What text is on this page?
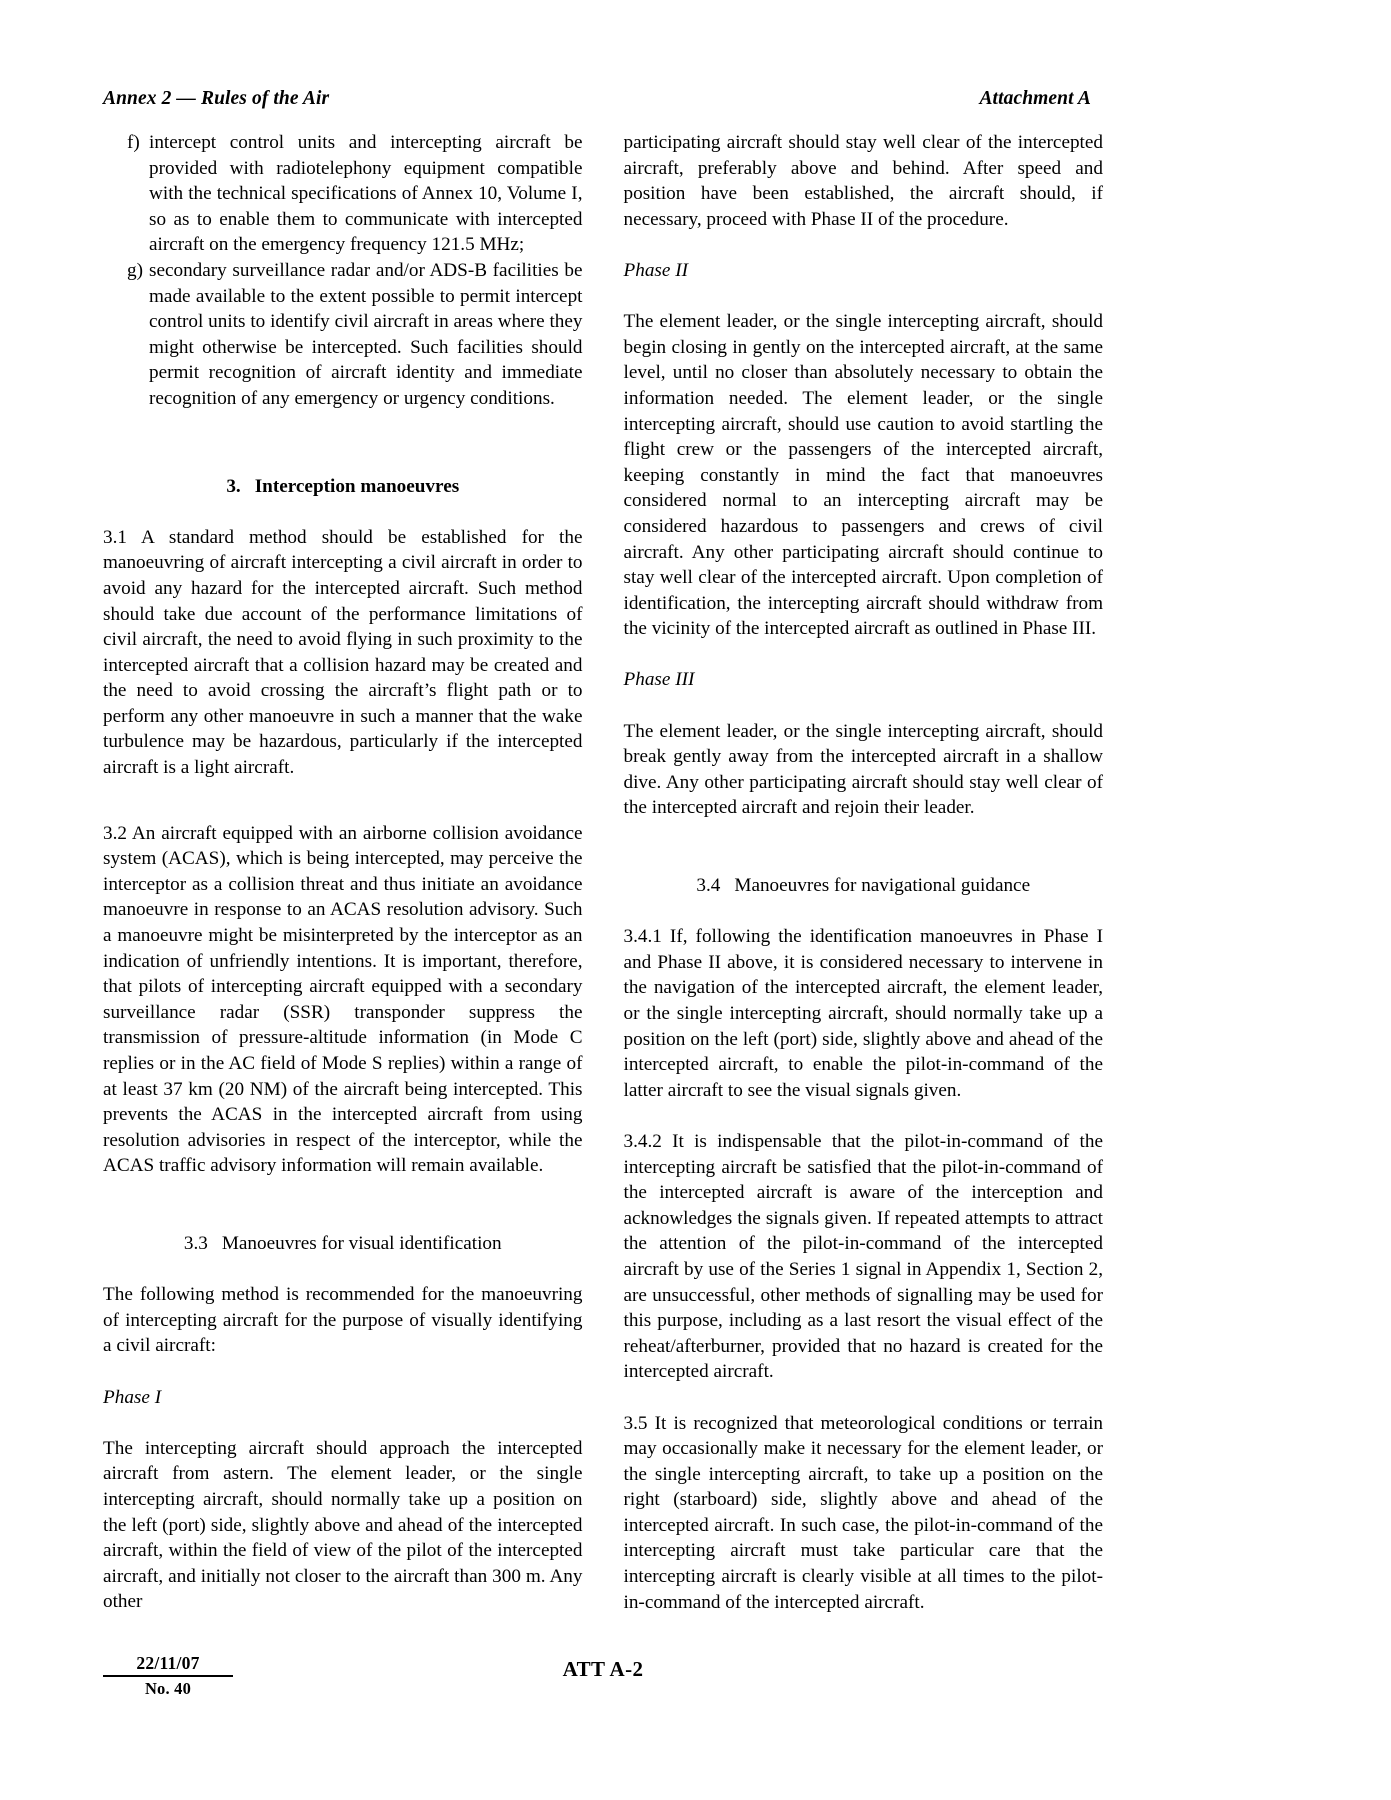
Annex 2 — Rules of the Air	Attachment A
f) intercept control units and intercepting aircraft be provided with radiotelephony equipment compatible with the technical specifications of Annex 10, Volume I, so as to enable them to communicate with intercepted aircraft on the emergency frequency 121.5 MHz;
g) secondary surveillance radar and/or ADS-B facilities be made available to the extent possible to permit intercept control units to identify civil aircraft in areas where they might otherwise be intercepted. Such facilities should permit recognition of aircraft identity and immediate recognition of any emergency or urgency conditions.
3. Interception manoeuvres

3.1 A standard method should be established for the manoeuvring of aircraft intercepting a civil aircraft in order to avoid any hazard for the intercepted aircraft. Such method should take due account of the performance limitations of civil aircraft, the need to avoid flying in such proximity to the intercepted aircraft that a collision hazard may be created and the need to avoid crossing the aircraft’s flight path or to perform any other manoeuvre in such a manner that the wake turbulence may be hazardous, particularly if the intercepted aircraft is a light aircraft.

3.2 An aircraft equipped with an airborne collision avoidance system (ACAS), which is being intercepted, may perceive the interceptor as a collision threat and thus initiate an avoidance manoeuvre in response to an ACAS resolution advisory. Such a manoeuvre might be misinterpreted by the interceptor as an indication of unfriendly intentions. It is important, therefore, that pilots of intercepting aircraft equipped with a secondary surveillance radar (SSR) transponder suppress the transmission of pressure-altitude information (in Mode C replies or in the AC field of Mode S replies) within a range of at least 37 km (20 NM) of the aircraft being intercepted. This prevents the ACAS in the intercepted aircraft from using resolution advisories in respect of the interceptor, while the ACAS traffic advisory information will remain available.

3.3 Manoeuvres for visual identification

The following method is recommended for the manoeuvring of intercepting aircraft for the purpose of visually identifying a civil aircraft:

Phase I

The intercepting aircraft should approach the intercepted aircraft from astern. The element leader, or the single intercepting aircraft, should normally take up a position on the left (port) side, slightly above and ahead of the intercepted aircraft, within the field of view of the pilot of the intercepted aircraft, and initially not closer to the aircraft than 300 m. Any other

participating aircraft should stay well clear of the intercepted aircraft, preferably above and behind. After speed and position have been established, the aircraft should, if necessary, proceed with Phase II of the procedure.

Phase II

The element leader, or the single intercepting aircraft, should begin closing in gently on the intercepted aircraft, at the same level, until no closer than absolutely necessary to obtain the information needed. The element leader, or the single intercepting aircraft, should use caution to avoid startling the flight crew or the passengers of the intercepted aircraft, keeping constantly in mind the fact that manoeuvres considered normal to an intercepting aircraft may be considered hazardous to passengers and crews of civil aircraft. Any other participating aircraft should continue to stay well clear of the intercepted aircraft. Upon completion of identification, the intercepting aircraft should withdraw from the vicinity of the intercepted aircraft as outlined in Phase III.

Phase III

The element leader, or the single intercepting aircraft, should break gently away from the intercepted aircraft in a shallow dive. Any other participating aircraft should stay well clear of the intercepted aircraft and rejoin their leader.

3.4 Manoeuvres for navigational guidance

3.4.1 If, following the identification manoeuvres in Phase I and Phase II above, it is considered necessary to intervene in the navigation of the intercepted aircraft, the element leader, or the single intercepting aircraft, should normally take up a position on the left (port) side, slightly above and ahead of the intercepted aircraft, to enable the pilot-in-command of the latter aircraft to see the visual signals given.

3.4.2 It is indispensable that the pilot-in-command of the intercepting aircraft be satisfied that the pilot-in-command of the intercepted aircraft is aware of the interception and acknowledges the signals given. If repeated attempts to attract the attention of the pilot-in-command of the intercepted aircraft by use of the Series 1 signal in Appendix 1, Section 2, are unsuccessful, other methods of signalling may be used for this purpose, including as a last resort the visual effect of the reheat/afterburner, provided that no hazard is created for the intercepted aircraft.

3.5 It is recognized that meteorological conditions or terrain may occasionally make it necessary for the element leader, or the single intercepting aircraft, to take up a position on the right (starboard) side, slightly above and ahead of the intercepted aircraft. In such case, the pilot-in-command of the intercepting aircraft must take particular care that the intercepting aircraft is clearly visible at all times to the pilot-in-command of the intercepted aircraft.

22/11/07
No. 40
ATT A-2
